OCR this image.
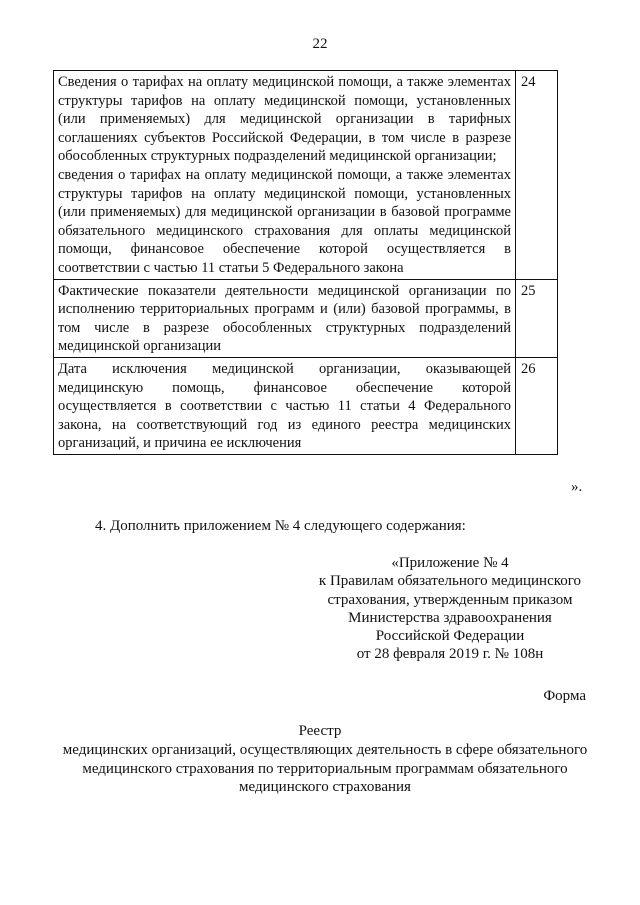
22
Сведения о тарифах на оплату медицинской помощи, а также элементах структуры тарифов на оплату медицинской помощи, установленных (или применяемых) для медицинской организации в тарифных соглашениях субъектов Российской Федерации, в том числе в разрезе обособленных структурных подразделений медицинской организации;
сведения о тарифах на оплату медицинской помощи, а также элементах структуры тарифов на оплату медицинской помощи, установленных (или применяемых) для медицинской организации в базовой программе обязательного медицинского страхования для оплаты медицинской помощи, финансовое обеспечение которой осуществляется в соответствии с частью 11 статьи 5 Федерального закона	24

Фактические показатели деятельности медицинской организации по исполнению территориальных программ и (или) базовой программы, в том числе в разрезе обособленных структурных подразделений медицинской организации	25

Дата исключения медицинской организации, оказывающей медицинскую помощь, финансовое обеспечение которой осуществляется в соответствии с частью 11 статьи 4 Федерального закона, на соответствующий год из единого реестра медицинских организаций, и причина ее исключения	26
».
4. Дополнить приложением № 4 следующего содержания:
«Приложение № 4
к Правилам обязательного медицинского
страхования, утвержденным приказом
Министерства здравоохранения
Российской Федерации
от 28 февраля 2019 г. № 108н
Форма
Реестр
медицинских организаций, осуществляющих деятельность в сфере обязательного
медицинского страхования по территориальным программам обязательного
медицинского страхования
